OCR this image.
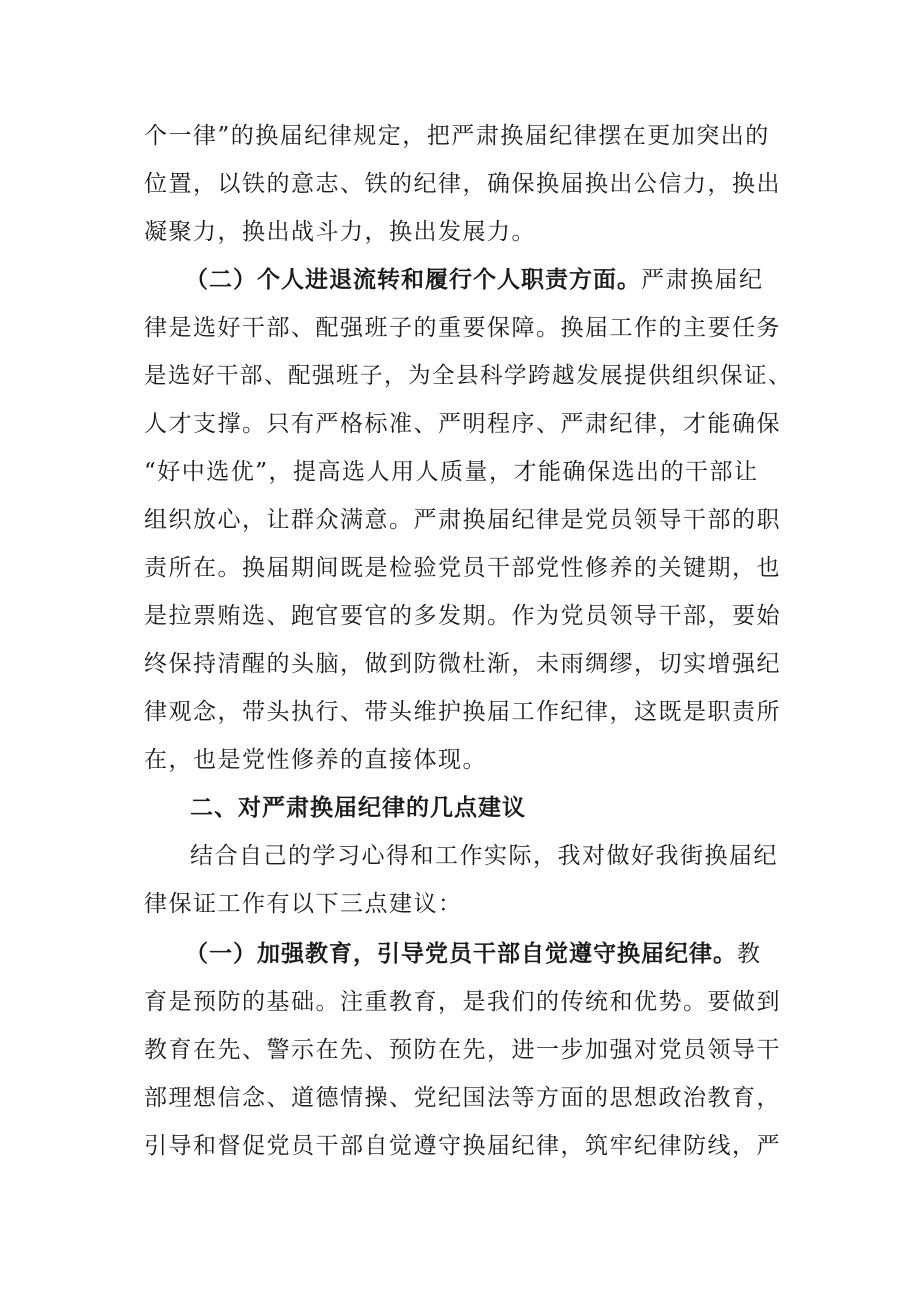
个一律”的换届纪律规定，把严肃换届纪律摆在更加突出的
位置，以铁的意志、铁的纪律，确保换届换出公信力，换出
凝聚力，换出战斗力，换出发展力。
（二）个人进退流转和履行个人职责方面。严肃换届纪
律是选好干部、配强班子的重要保障。换届工作的主要任务
是选好干部、配强班子，为全县科学跨越发展提供组织保证、
人才支撑。只有严格标准、严明程序、严肃纪律，才能确保
“好中选优”，提高选人用人质量，才能确保选出的干部让
组织放心，让群众满意。严肃换届纪律是党员领导干部的职
责所在。换届期间既是检验党员干部党性修养的关键期，也
是拉票贿选、跑官要官的多发期。作为党员领导干部，要始
终保持清醒的头脑，做到防微杜渐，未雨绸缪，切实增强纪
律观念，带头执行、带头维护换届工作纪律，这既是职责所
在，也是党性修养的直接体现。
二、对严肃换届纪律的几点建议
结合自己的学习心得和工作实际，我对做好我街换届纪
律保证工作有以下三点建议：
（一）加强教育，引导党员干部自觉遵守换届纪律。教
育是预防的基础。注重教育，是我们的传统和优势。要做到
教育在先、警示在先、预防在先，进一步加强对党员领导干
部理想信念、道德情操、党纪国法等方面的思想政治教育，
引导和督促党员干部自觉遵守换届纪律，筑牢纪律防线，严
